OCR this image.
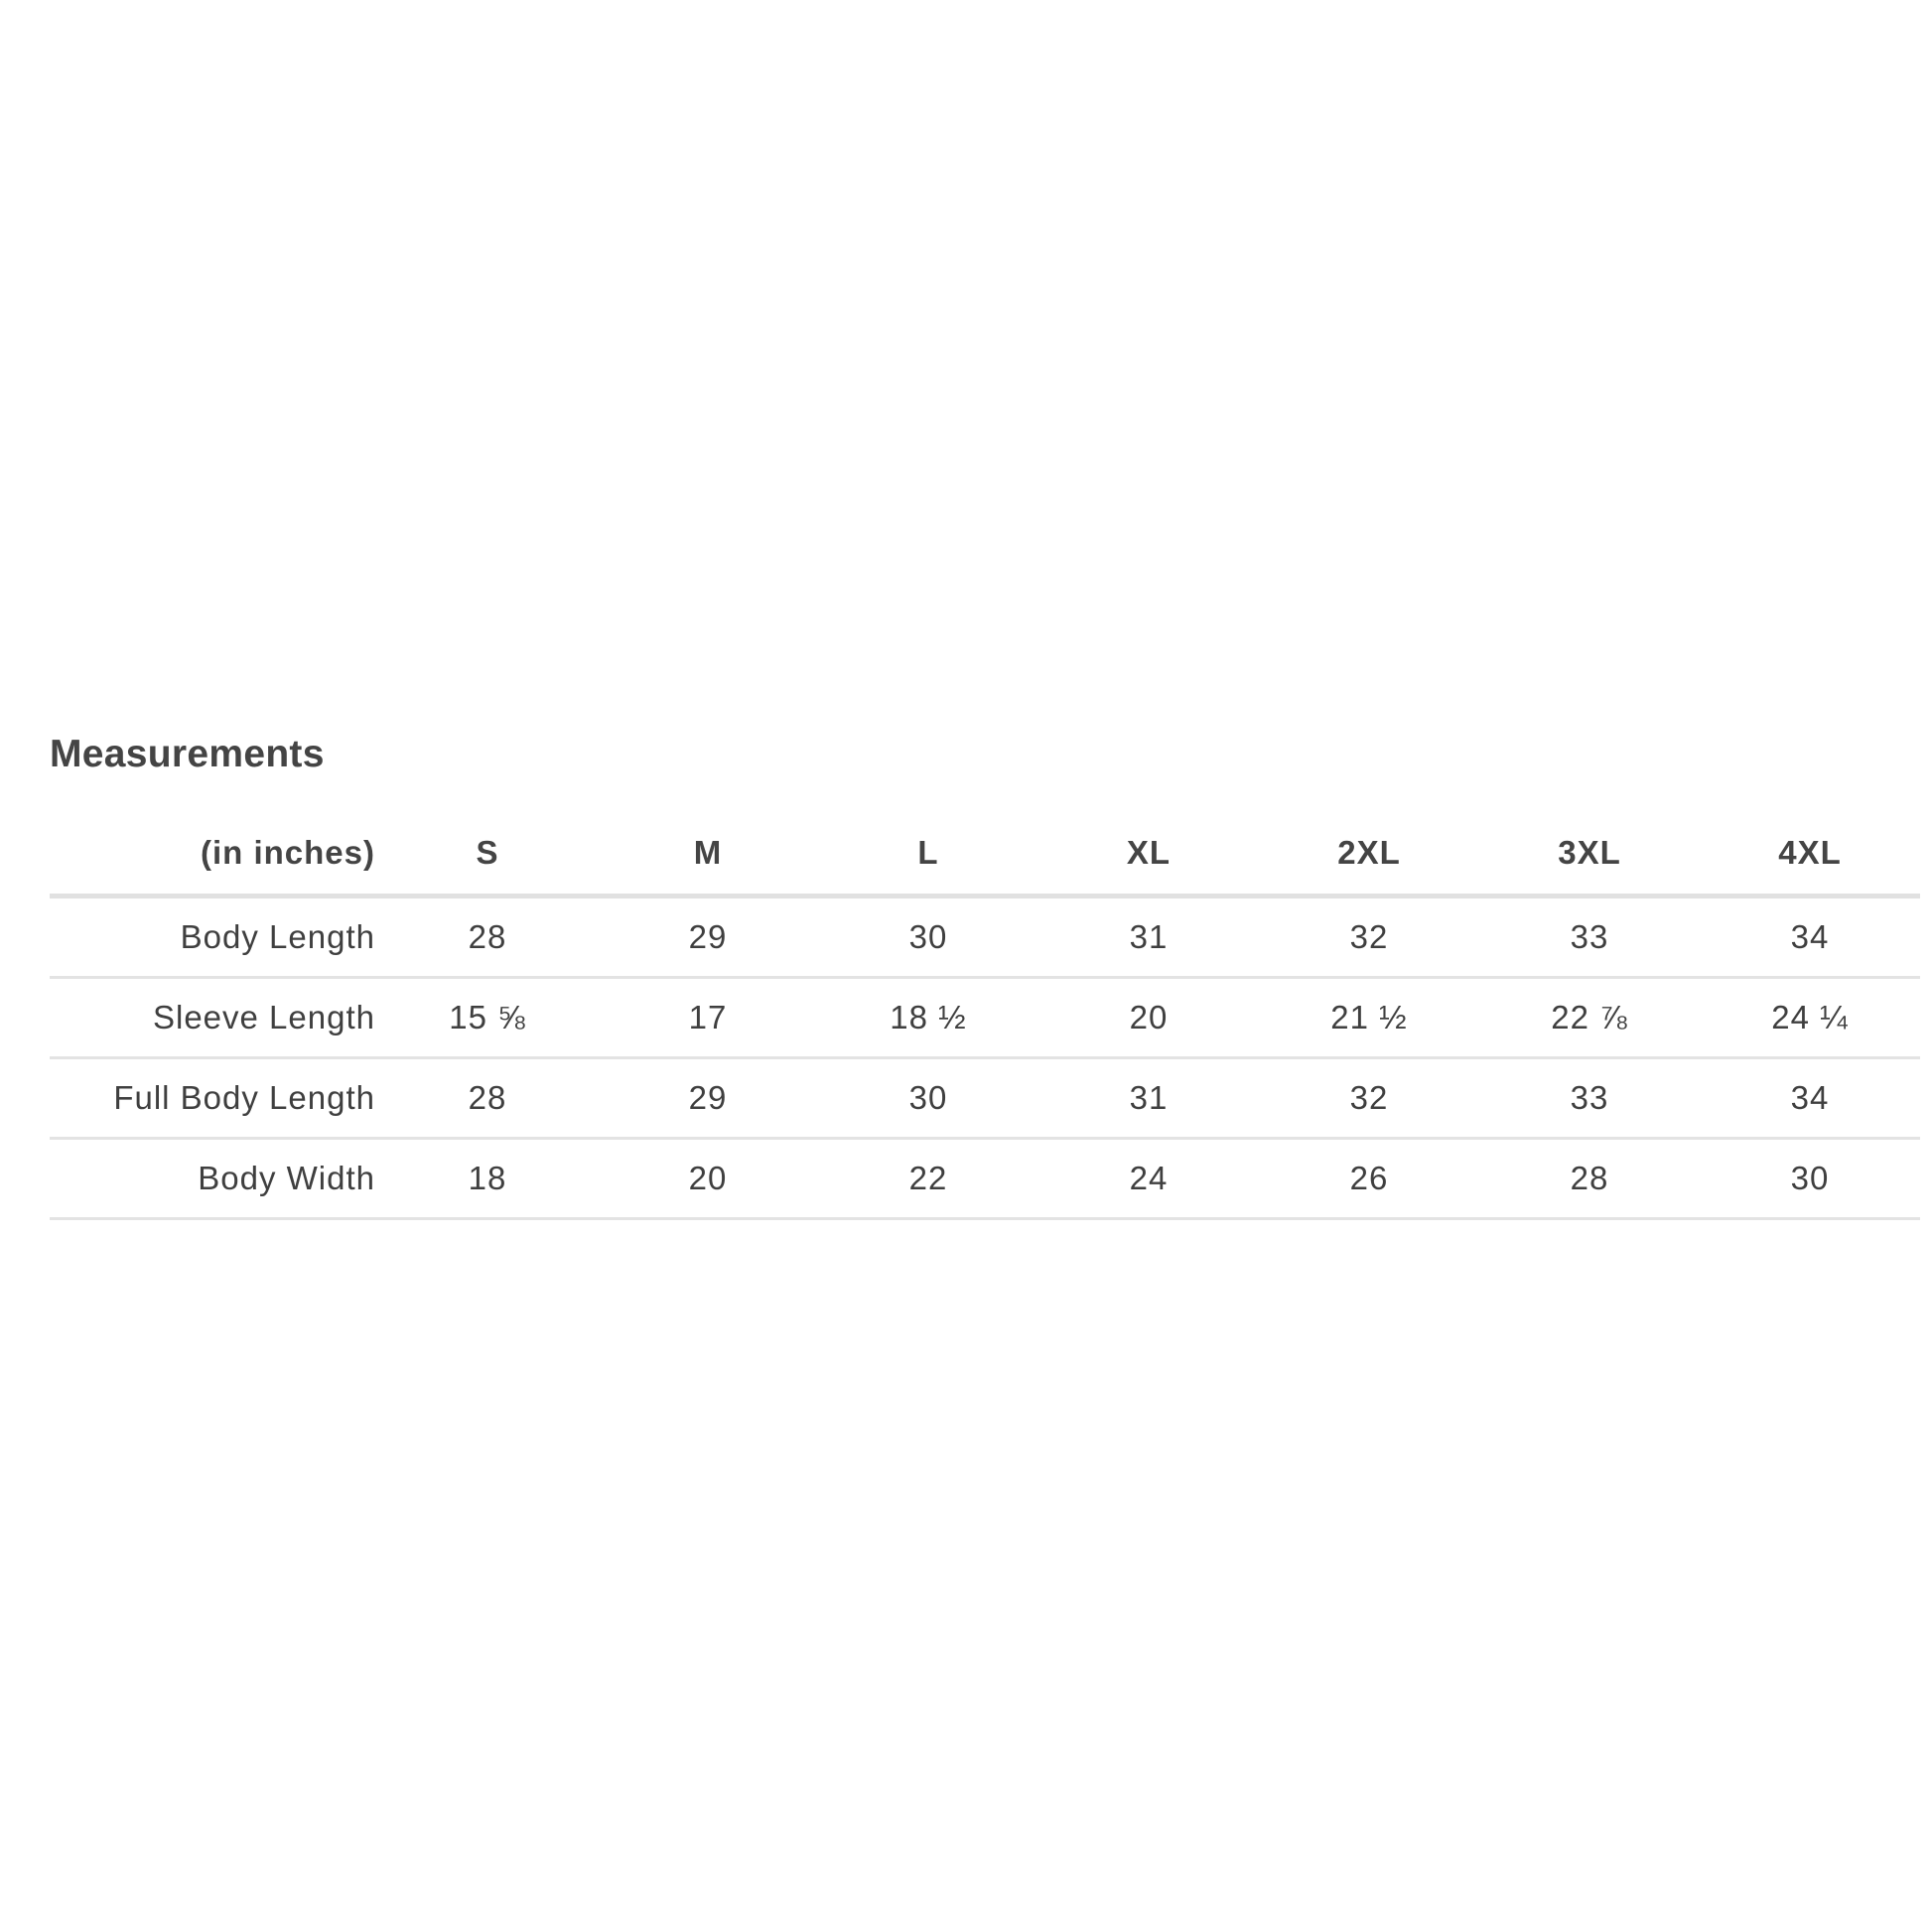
Measurements
(in inches)	S	M	L	XL	2XL	3XL	4XL
Body Length	28	29	30	31	32	33	34
Sleeve Length	15 ⅝	17	18 ½	20	21 ½	22 ⅞	24 ¼
Full Body Length	28	29	30	31	32	33	34
Body Width	18	20	22	24	26	28	30
